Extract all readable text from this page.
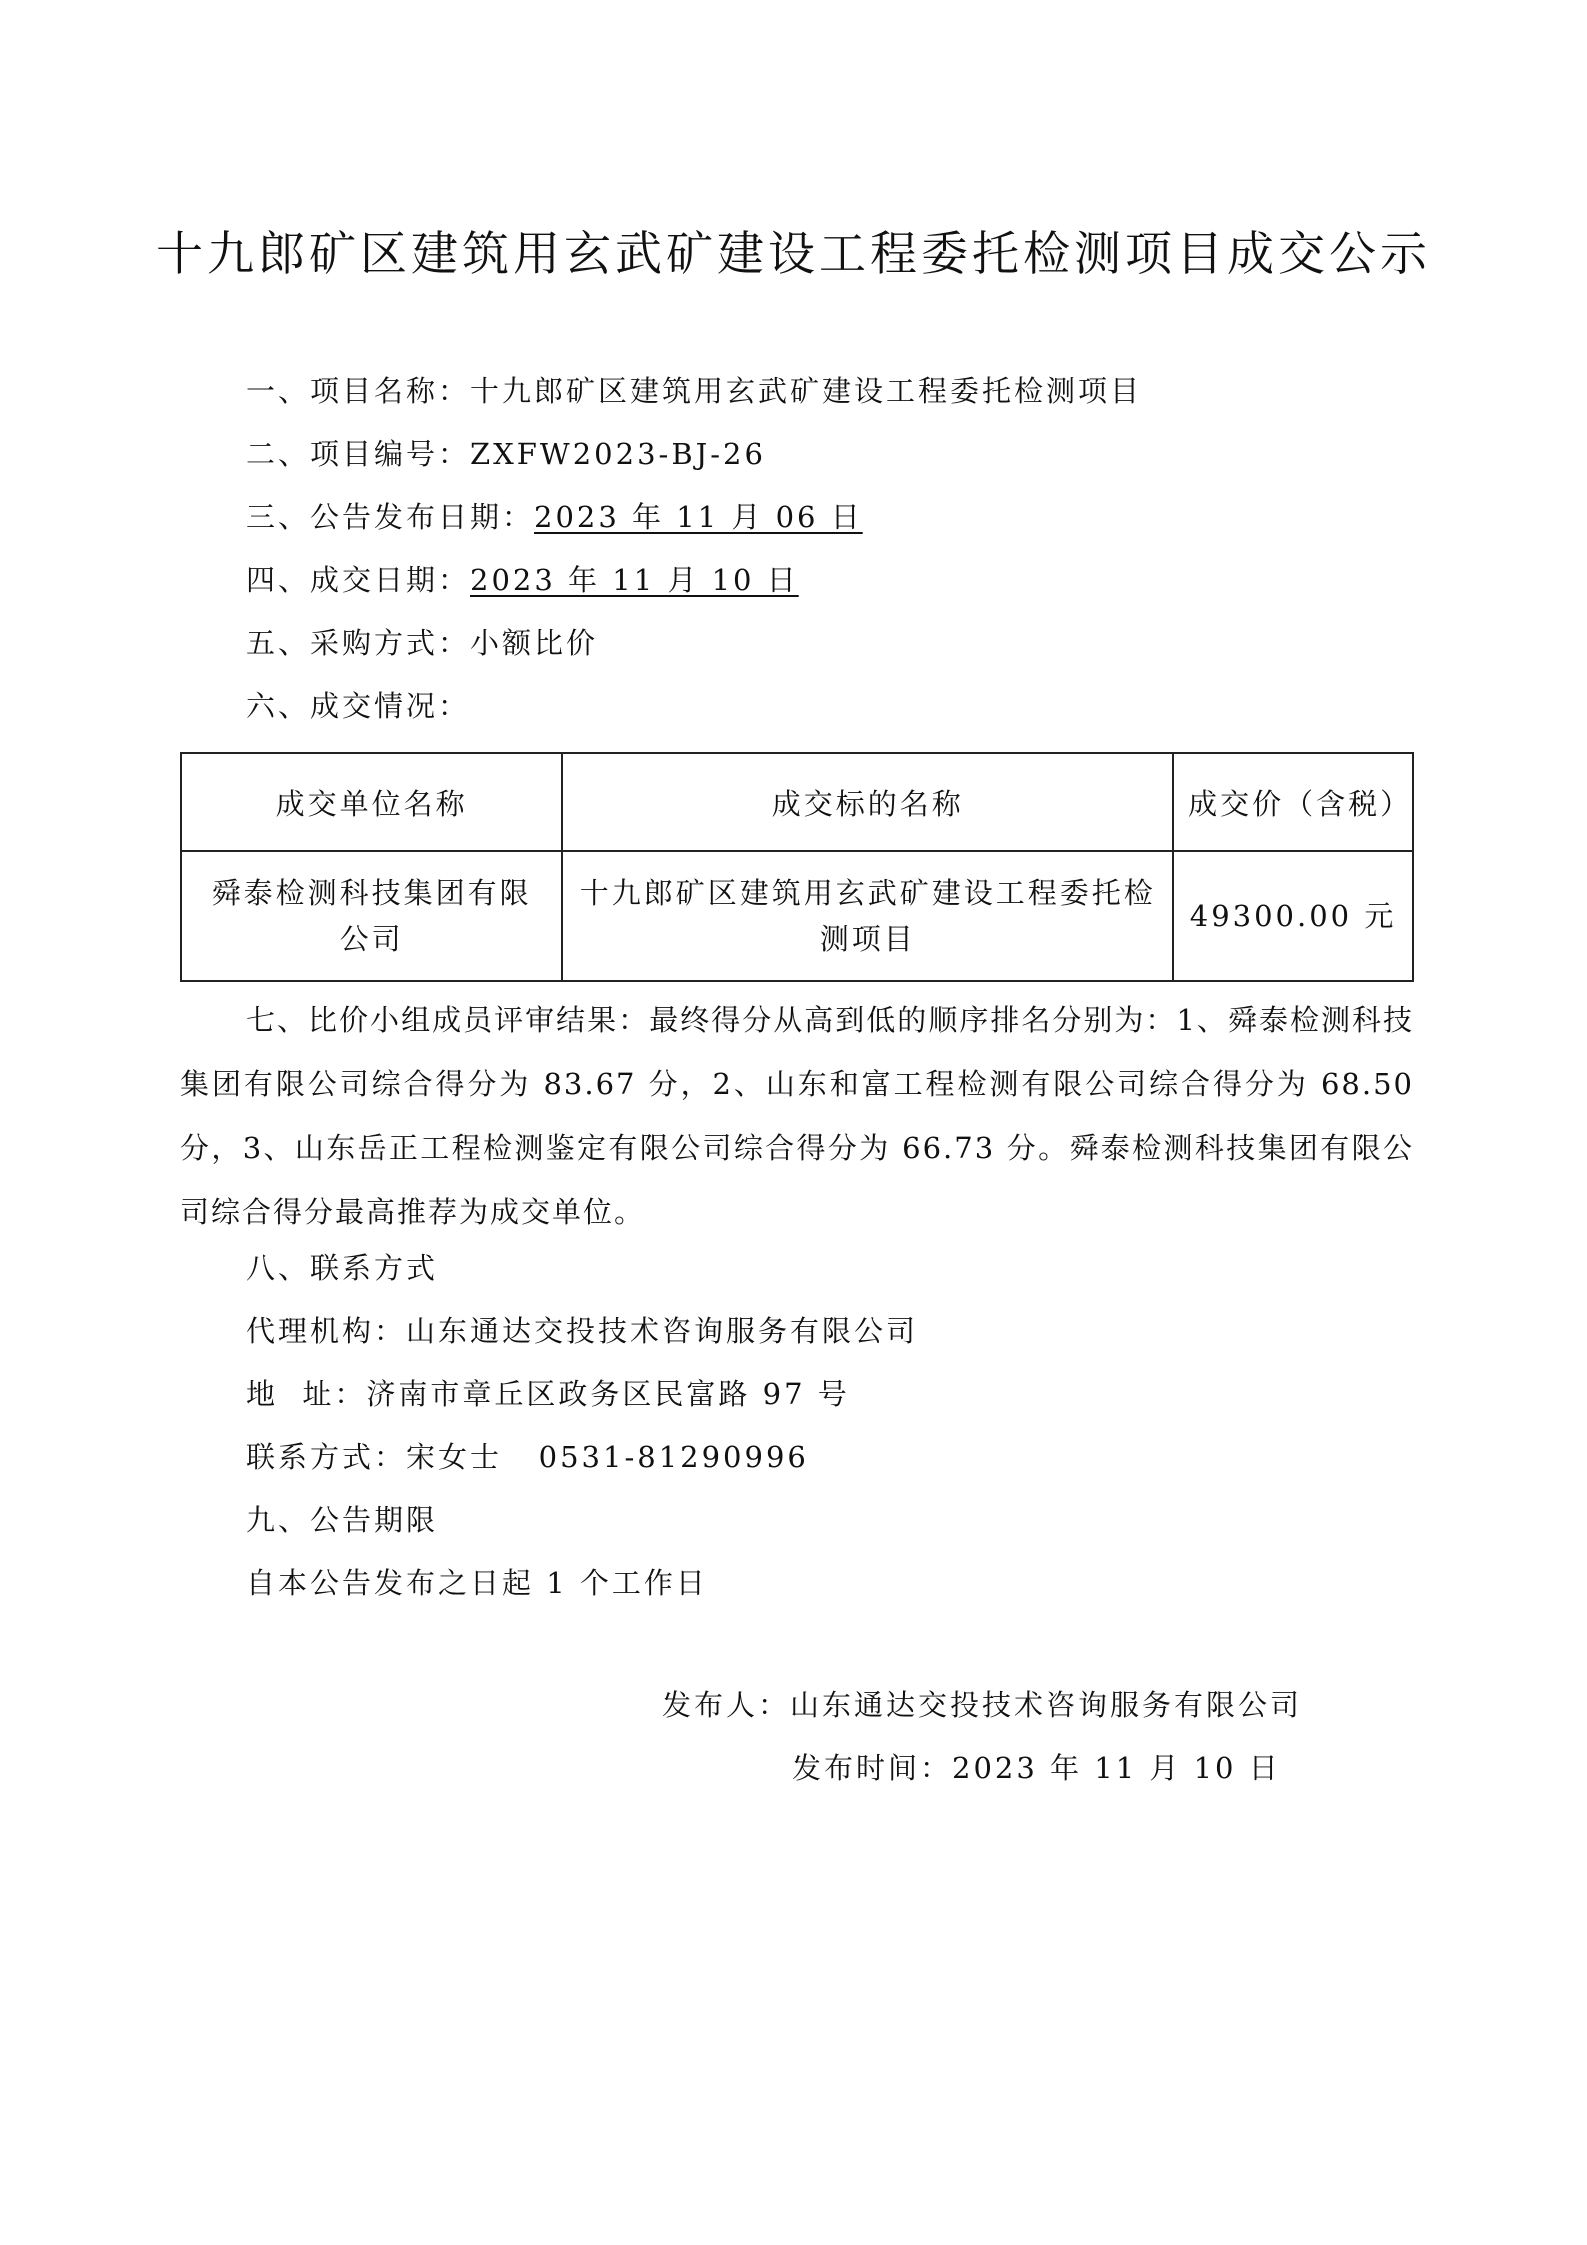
十九郎矿区建筑用玄武矿建设工程委托检测项目成交公示
一、项目名称：十九郎矿区建筑用玄武矿建设工程委托检测项目
二、项目编号：ZXFW2023-BJ-26
三、公告发布日期：2023 年 11 月 06 日
四、成交日期：2023 年 11 月 10 日
五、采购方式：小额比价
六、成交情况：
成交单位名称	成交标的名称	成交价（含税）
舜泰检测科技集团有限公司	十九郎矿区建筑用玄武矿建设工程委托检测项目	49300.00 元
七、比价小组成员评审结果：最终得分从高到低的顺序排名分别为：1、舜泰检测科技集团有限公司综合得分为 83.67 分，2、山东和富工程检测有限公司综合得分为 68.50 分，3、山东岳正工程检测鉴定有限公司综合得分为 66.73 分。舜泰检测科技集团有限公司综合得分最高推荐为成交单位。
八、联系方式
代理机构：山东通达交投技术咨询服务有限公司
地  址：济南市章丘区政务区民富路 97 号
联系方式：宋女士   0531-81290996
九、公告期限
自本公告发布之日起 1 个工作日
发布人：山东通达交投技术咨询服务有限公司
发布时间：2023 年 11 月 10 日
